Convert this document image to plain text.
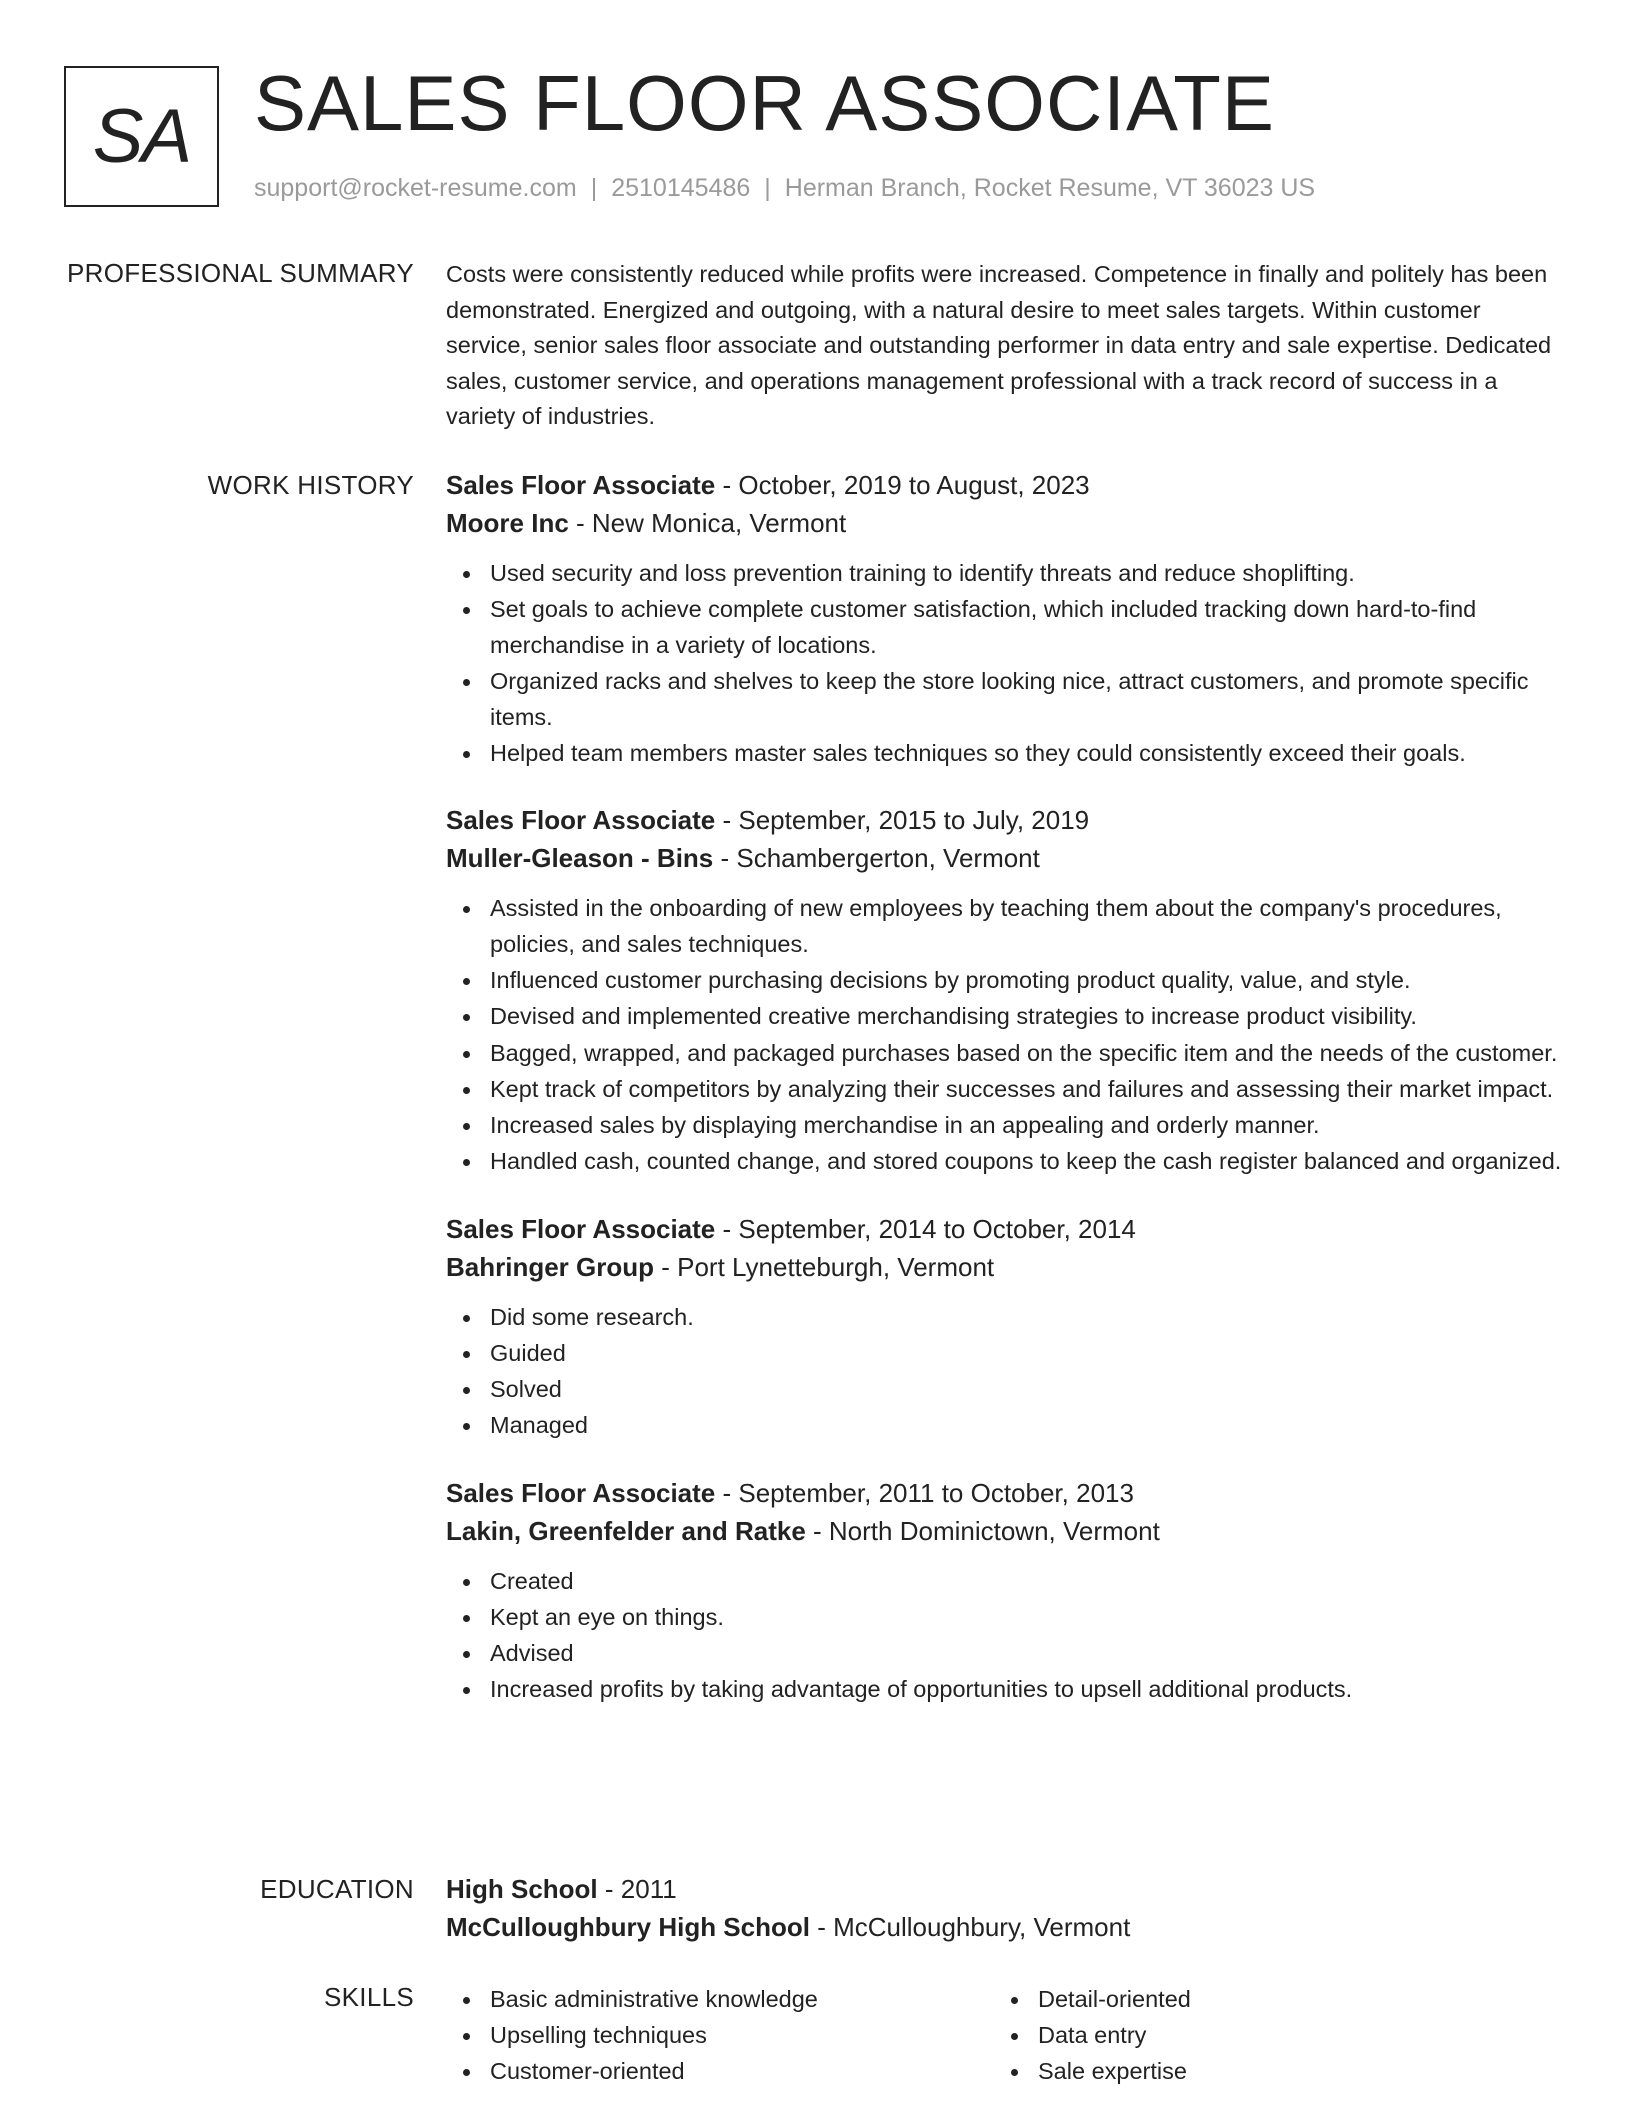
SA SALES FLOOR ASSOCIATE
support@rocket-resume.com | 2510145486 | Herman Branch, Rocket Resume, VT 36023 US
PROFESSIONAL SUMMARY Costs were consistently reduced while profits were increased. Competence in finally and politely has been demonstrated. Energized and outgoing, with a natural desire to meet sales targets. Within customer service, senior sales floor associate and outstanding performer in data entry and sale expertise. Dedicated sales, customer service, and operations management professional with a track record of success in a variety of industries.
WORK HISTORY Sales Floor Associate - October, 2019 to August, 2023
Moore Inc - New Monica, Vermont
Used security and loss prevention training to identify threats and reduce shoplifting.
Set goals to achieve complete customer satisfaction, which included tracking down hard-to-find merchandise in a variety of locations.
Organized racks and shelves to keep the store looking nice, attract customers, and promote specific items.
Helped team members master sales techniques so they could consistently exceed their goals.
Sales Floor Associate - September, 2015 to July, 2019
Muller-Gleason - Bins - Schambergerton, Vermont
Assisted in the onboarding of new employees by teaching them about the company's procedures, policies, and sales techniques.
Influenced customer purchasing decisions by promoting product quality, value, and style.
Devised and implemented creative merchandising strategies to increase product visibility.
Bagged, wrapped, and packaged purchases based on the specific item and the needs of the customer.
Kept track of competitors by analyzing their successes and failures and assessing their market impact.
Increased sales by displaying merchandise in an appealing and orderly manner.
Handled cash, counted change, and stored coupons to keep the cash register balanced and organized.
Sales Floor Associate - September, 2014 to October, 2014
Bahringer Group - Port Lynetteburgh, Vermont
Did some research.
Guided
Solved
Managed
Sales Floor Associate - September, 2011 to October, 2013
Lakin, Greenfelder and Ratke - North Dominictown, Vermont
Created
Kept an eye on things.
Advised
Increased profits by taking advantage of opportunities to upsell additional products.
EDUCATION High School - 2011
McCulloughbury High School - McCulloughbury, Vermont
SKILLS	Basic administrative knowledge
Upselling techniques
Customer-oriented
Detail-oriented
Data entry
Sale expertise
